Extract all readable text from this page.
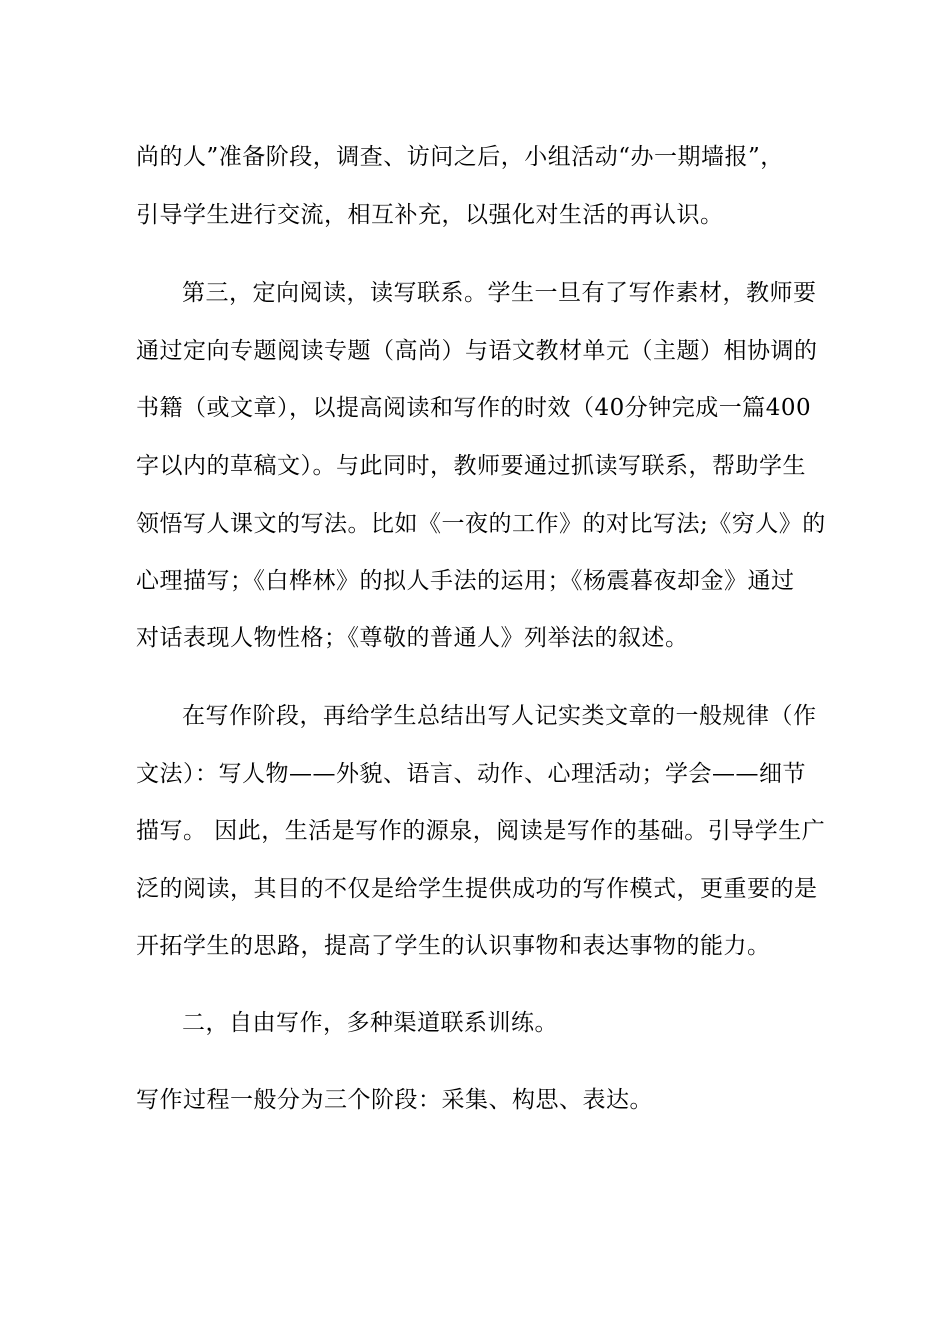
尚的人”准备阶段，调查、访问之后，小组活动“办一期墙报”，
引导学生进行交流，相互补充，以强化对生活的再认识。
第三，定向阅读，读写联系。学生一旦有了写作素材，教师要
通过定向专题阅读专题（高尚）与语文教材单元（主题）相协调的
书籍（或文章），以提高阅读和写作的时效（40分钟完成一篇400
字以内的草稿文）。与此同时，教师要通过抓读写联系，帮助学生
领悟写人课文的写法。比如《一夜的工作》的对比写法;《穷人》的
心理描写；《白桦林》的拟人手法的运用；《杨震暮夜却金》通过
对话表现人物性格；《尊敬的普通人》列举法的叙述。
在写作阶段，再给学生总结出写人记实类文章的一般规律（作
文法）：写人物——外貌、语言、动作、心理活动；学会——细节
描写。 因此，生活是写作的源泉，阅读是写作的基础。引导学生广
泛的阅读，其目的不仅是给学生提供成功的写作模式，更重要的是
开拓学生的思路，提高了学生的认识事物和表达事物的能力。
二，自由写作，多种渠道联系训练。
写作过程一般分为三个阶段：采集、构思、表达。
